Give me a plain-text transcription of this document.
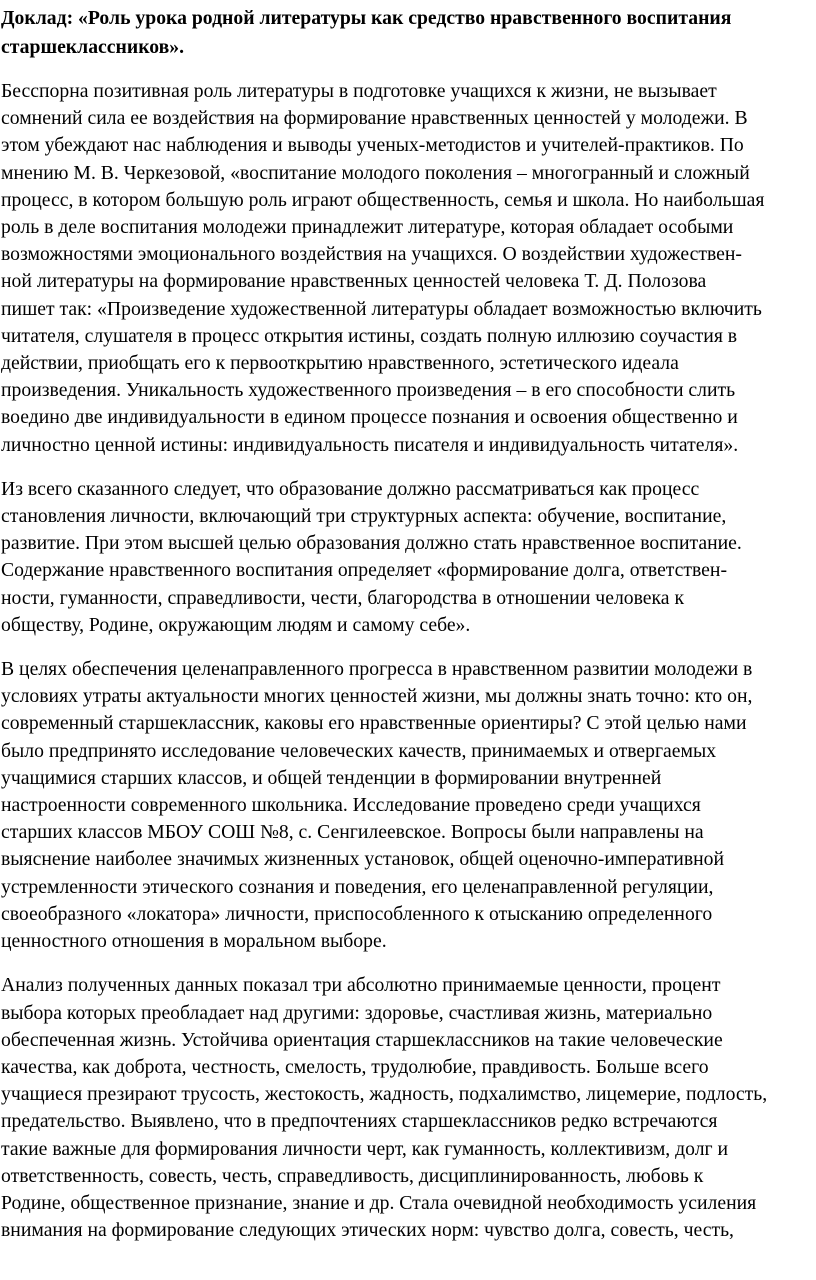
Доклад: «Роль урока родной литературы как средство нравственного воспитания старшеклассников».

Бесспорна позитивная роль литературы в подготовке учащихся к жизни, не вызывает
сомнений сила ее воздействия на формирование нравственных ценностей у молодежи. В
этом убеждают нас наблюдения и выводы ученых-методистов и учителей-практиков. По
мнению М. В. Черкезовой, «воспитание молодого поколения – многогранный и сложный
процесс, в котором большую роль играют общественность, семья и школа. Но наибольшая
роль в деле воспитания молодежи принадлежит литературе, которая обладает особыми
возможностями эмоционального воздействия на учащихся. О воздействии художествен-
ной литературы на формирование нравственных ценностей человека Т. Д. Полозова
пишет так: «Произведение художественной литературы обладает возможностью включить
читателя, слушателя в процесс открытия истины, создать полную иллюзию соучастия в
действии, приобщать его к первооткрытию нравственного, эстетического идеала
произведения. Уникальность художественного произведения – в его способности слить
воедино две индивидуальности в едином процессе познания и освоения общественно и
личностно ценной истины: индивидуальность писателя и индивидуальность читателя».

Из всего сказанного следует, что образование должно рассматриваться как процесс
становления личности, включающий три структурных аспекта: обучение, воспитание,
развитие. При этом высшей целью образования должно стать нравственное воспитание.
Содержание нравственного воспитания определяет «формирование долга, ответствен-
ности, гуманности, справедливости, чести, благородства в отношении человека к
обществу, Родине, окружающим людям и самому себе».

В целях обеспечения целенаправленного прогресса в нравственном развитии молодежи в
условиях утраты актуальности многих ценностей жизни, мы должны знать точно: кто он,
современный старшеклассник, каковы его нравственные ориентиры? С этой целью нами
было предпринято исследование человеческих качеств, принимаемых и отвергаемых
учащимися старших классов, и общей тенденции в формировании внутренней
настроенности современного школьника. Исследование проведено среди учащихся
старших классов МБОУ СОШ №8, с. Сенгилеевское. Вопросы были направлены на
выяснение наиболее значимых жизненных установок, общей оценочно-императивной
устремленности этического сознания и поведения, его целенаправленной регуляции,
своеобразного «локатора» личности, приспособленного к отысканию определенного
ценностного отношения в моральном выборе.

Анализ полученных данных показал три абсолютно принимаемые ценности, процент
выбора которых преобладает над другими: здоровье, счастливая жизнь, материально
обеспеченная жизнь. Устойчива ориентация старшеклассников на такие человеческие
качества, как доброта, честность, смелость, трудолюбие, правдивость. Больше всего
учащиеся презирают трусость, жестокость, жадность, подхалимство, лицемерие, подлость,
предательство. Выявлено, что в предпочтениях старшеклассников редко встречаются
такие важные для формирования личности черт, как гуманность, коллективизм, долг и
ответственность, совесть, честь, справедливость, дисциплинированность, любовь к
Родине, общественное признание, знание и др. Стала очевидной необходимость усиления
внимания на формирование следующих этических норм: чувство долга, совесть, честь,
